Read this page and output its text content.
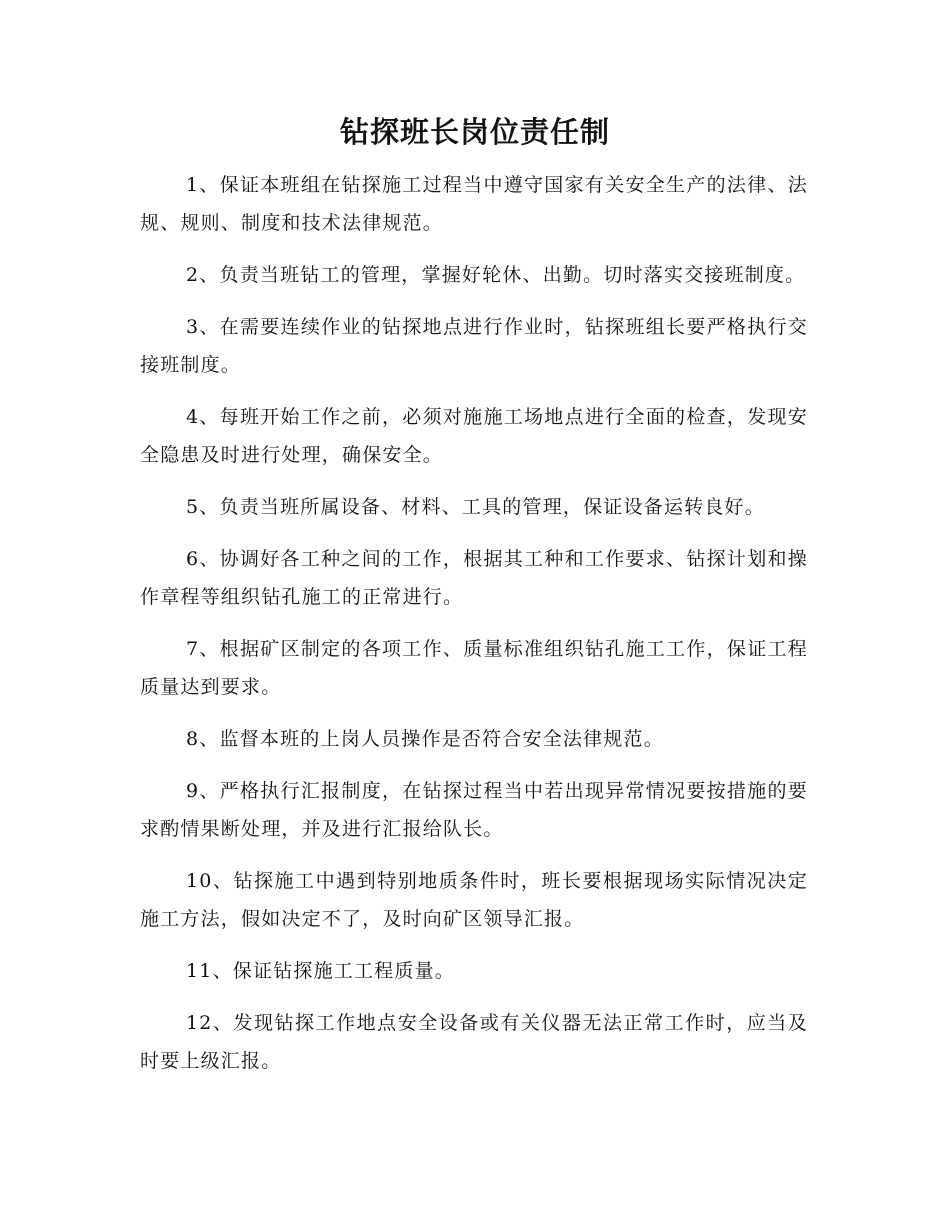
钻探班长岗位责任制

1、保证本班组在钻探施工过程当中遵守国家有关安全生产的法律、法规、规则、制度和技术法律规范。

2、负责当班钻工的管理，掌握好轮休、出勤。切时落实交接班制度。

3、在需要连续作业的钻探地点进行作业时，钻探班组长要严格执行交接班制度。

4、每班开始工作之前，必须对施施工场地点进行全面的检查，发现安全隐患及时进行处理，确保安全。

5、负责当班所属设备、材料、工具的管理，保证设备运转良好。

6、协调好各工种之间的工作，根据其工种和工作要求、钻探计划和操作章程等组织钻孔施工的正常进行。

7、根据矿区制定的各项工作、质量标准组织钻孔施工工作，保证工程质量达到要求。

8、监督本班的上岗人员操作是否符合安全法律规范。

9、严格执行汇报制度，在钻探过程当中若出现异常情况要按措施的要求酌情果断处理，并及进行汇报给队长。

10、钻探施工中遇到特别地质条件时，班长要根据现场实际情况决定施工方法，假如决定不了，及时向矿区领导汇报。

11、保证钻探施工工程质量。

12、发现钻探工作地点安全设备或有关仪器无法正常工作时，应当及时要上级汇报。
